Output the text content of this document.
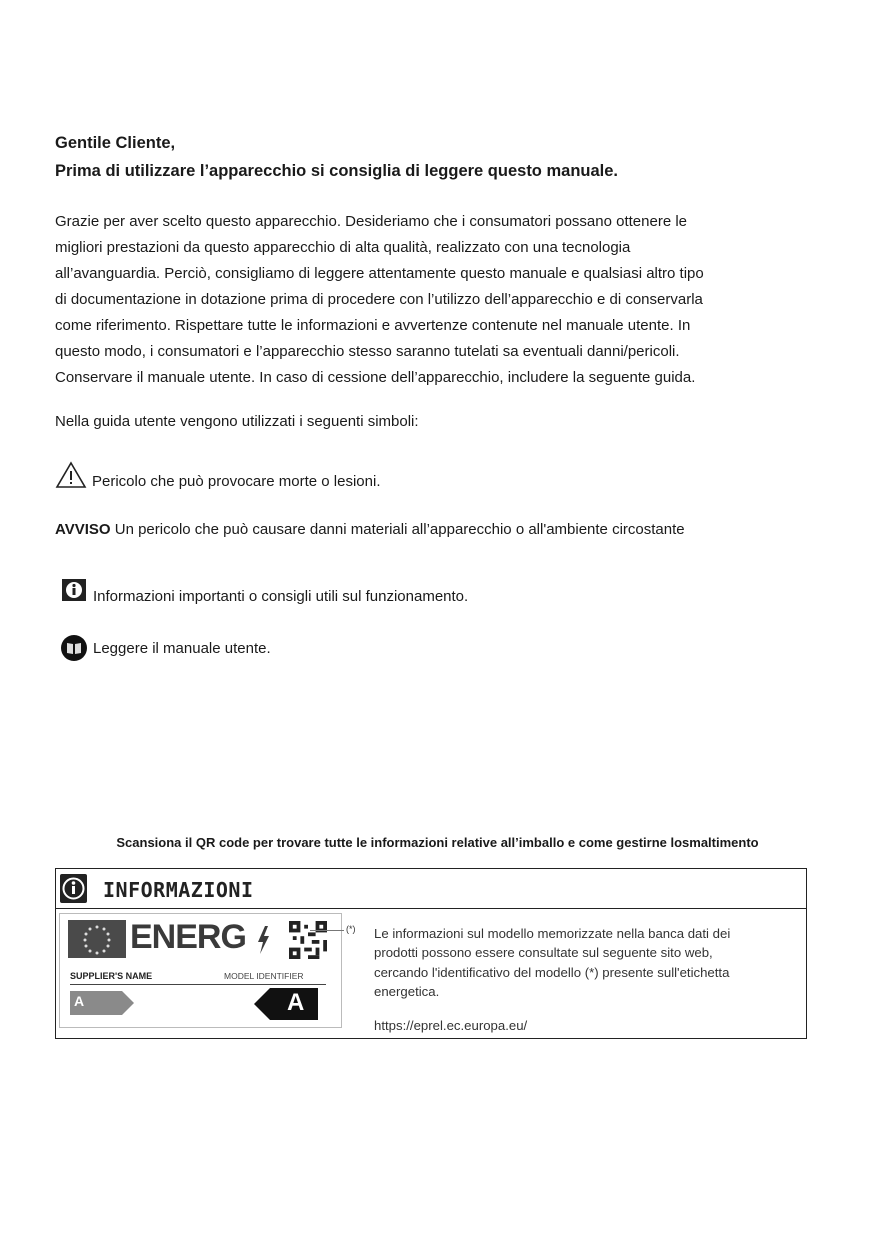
Gentile Cliente,
Prima di utilizzare l’apparecchio si consiglia di leggere questo manuale.
Grazie per aver scelto questo apparecchio. Desideriamo che i consumatori possano ottenere le
migliori prestazioni da questo apparecchio di alta qualità, realizzato con una tecnologia
all’avanguardia. Perciò, consigliamo di leggere attentamente questo manuale e qualsiasi altro tipo
di documentazione in dotazione prima di procedere con l’utilizzo dell’apparecchio e di conservarla
come riferimento. Rispettare tutte le informazioni e avvertenze contenute nel manuale utente. In
questo modo, i consumatori e l’apparecchio stesso saranno tutelati sa eventuali danni/pericoli.
Conservare il manuale utente. In caso di cessione dell’apparecchio, includere la seguente guida.
Nella guida utente vengono utilizzati i seguenti simboli:
Pericolo che può provocare morte o lesioni.
AVVISO Un pericolo che può causare danni materiali all’apparecchio o all'ambiente circostante
Informazioni importanti o consigli utili sul funzionamento.
Leggere il manuale utente.
Scansiona il QR code per trovare tutte le informazioni relative all’imballo e come gestirne losmaltimento
INFORMAZIONI
ENERG
SUPPLIER'S NAME	MODEL IDENTIFIER
A	A
(*) Le informazioni sul modello memorizzate nella banca dati dei
prodotti possono essere consultate sul seguente sito web,
cercando l'identificativo del modello (*) presente sull'etichetta
energetica.
https://eprel.ec.europa.eu/
